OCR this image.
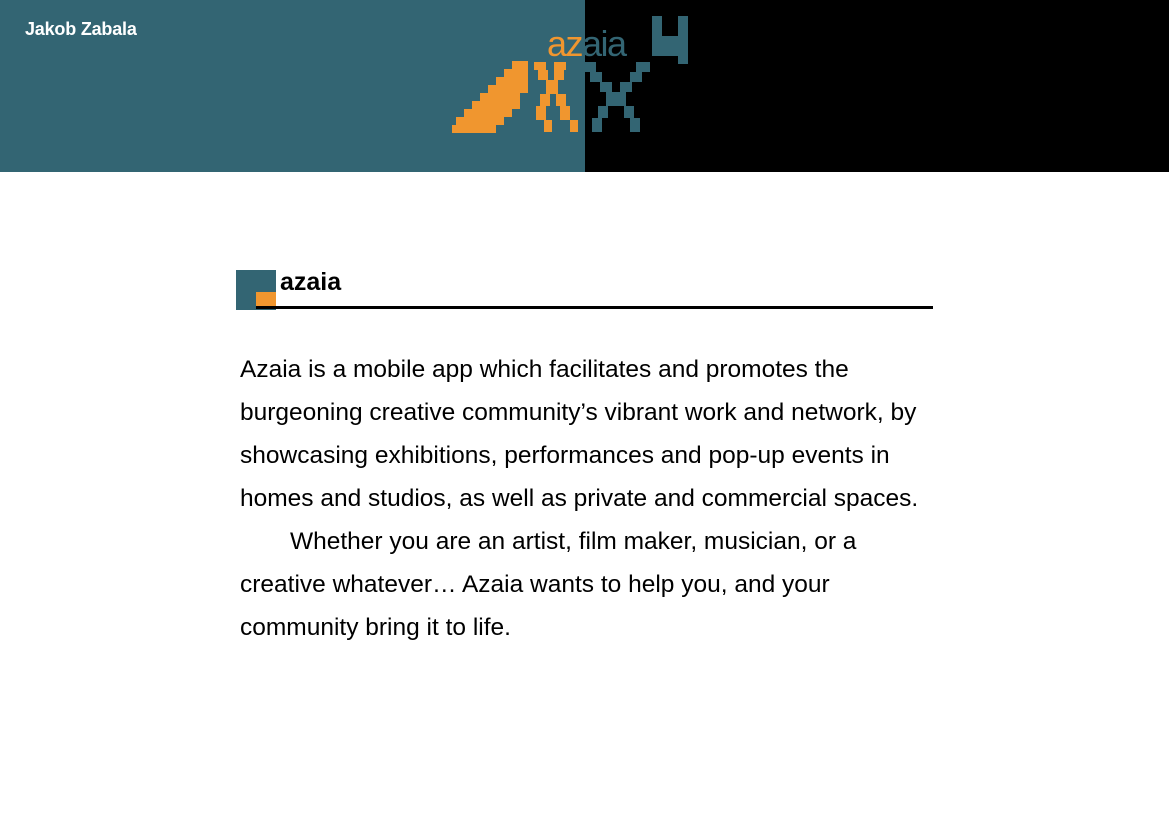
Jakob Zabala	azaia
azaia

Azaia is a mobile app which facilitates and promotes the burgeoning creative community’s vibrant work and network, by showcasing exhibitions, performances and pop-up events in homes and studios, as well as private and commercial spaces.

Whether you are an artist, film maker, musician, or a creative whatever… Azaia wants to help you, and your community bring it to life.
